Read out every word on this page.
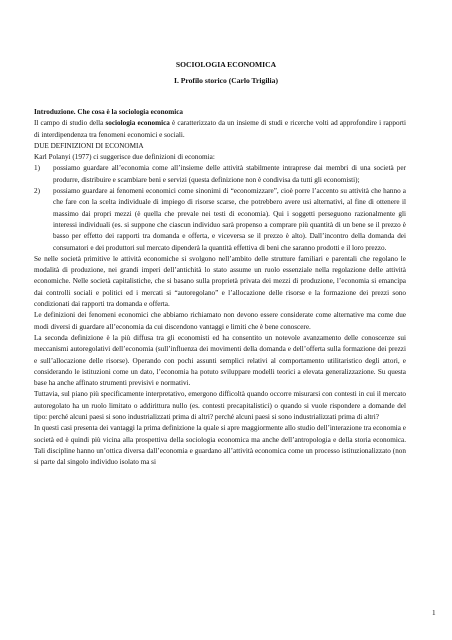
SOCIOLOGIA ECONOMICA
I. Profilo storico (Carlo Trigilia)

Introduzione. Che cosa è la sociologia economica

Il campo di studio della sociologia economica è caratterizzato da un insieme di studi e ricerche volti ad approfondire i rapporti di interdipendenza tra fenomeni economici e sociali.

DUE DEFINIZIONI DI ECONOMIA

Karl Polanyi (1977) ci suggerisce due definizioni di economia:

1) possiamo guardare all’economia come all’insieme delle attività stabilmente intraprese dai membri di una società per produrre, distribuire e scambiare beni e servizi (questa definizione non è condivisa da tutti gli economisti);
2) possiamo guardare ai fenomeni economici come sinonimi di “economizzare”, cioè porre l’accento su attività che hanno a che fare con la scelta individuale di impiego di risorse scarse, che potrebbero avere usi alternativi, al fine di ottenere il massimo dai propri mezzi (è quella che prevale nei testi di economia). Qui i soggetti perseguono razionalmente gli interessi individuali (es. si suppone che ciascun individuo sarà propenso a comprare più quantità di un bene se il prezzo è basso per effetto dei rapporti tra domanda e offerta, e viceversa se il prezzo è alto). Dall’incontro della domanda dei consumatori e dei produttori sul mercato dipenderà la quantità effettiva di beni che saranno prodotti e il loro prezzo.

Se nelle società primitive le attività economiche si svolgono nell’ambito delle strutture familiari e parentali che regolano le modalità di produzione, nei grandi imperi dell’antichità lo stato assume un ruolo essenziale nella regolazione delle attività economiche. Nelle società capitalistiche, che si basano sulla proprietà privata dei mezzi di produzione, l’economia si emancipa dai controlli sociali e politici ed i mercati si “autoregolano” e l’allocazione delle risorse e la formazione dei prezzi sono condizionati dai rapporti tra domanda e offerta.

Le definizioni dei fenomeni economici che abbiamo richiamato non devono essere considerate come alternative ma come due modi diversi di guardare all’economia da cui discendono vantaggi e limiti che è bene conoscere.

La seconda definizione è la più diffusa tra gli economisti ed ha consentito un notevole avanzamento delle conoscenze sui meccanismi autoregolativi dell’economia (sull’influenza dei movimenti della domanda e dell’offerta sulla formazione dei prezzi e sull’allocazione delle risorse). Operando con pochi assunti semplici relativi al comportamento utilitaristico degli attori, e considerando le istituzioni come un dato, l’economia ha potuto sviluppare modelli teorici a elevata generalizzazione. Su questa base ha anche affinato strumenti previsivi e normativi.

Tuttavia, sul piano più specificamente interpretativo, emergono difficoltà quando occorre misurarsi con contesti in cui il mercato autoregolato ha un ruolo limitato o addirittura nullo (es. contesti precapitalistici) o quando si vuole rispondere a domande del tipo: perché alcuni paesi si sono industrializzati prima di altri? perché alcuni paesi si sono industrializzati prima di altri?

In questi casi presenta dei vantaggi la prima definizione la quale si apre maggiormente allo studio dell’interazione tra economia e società ed è quindi più vicina alla prospettiva della sociologia economica ma anche dell’antropologia e della storia economica. Tali discipline hanno un’ottica diversa dall’economia e guardano all’attività economica come un processo istituzionalizzato (non si parte dal singolo individuo isolato ma si

1
